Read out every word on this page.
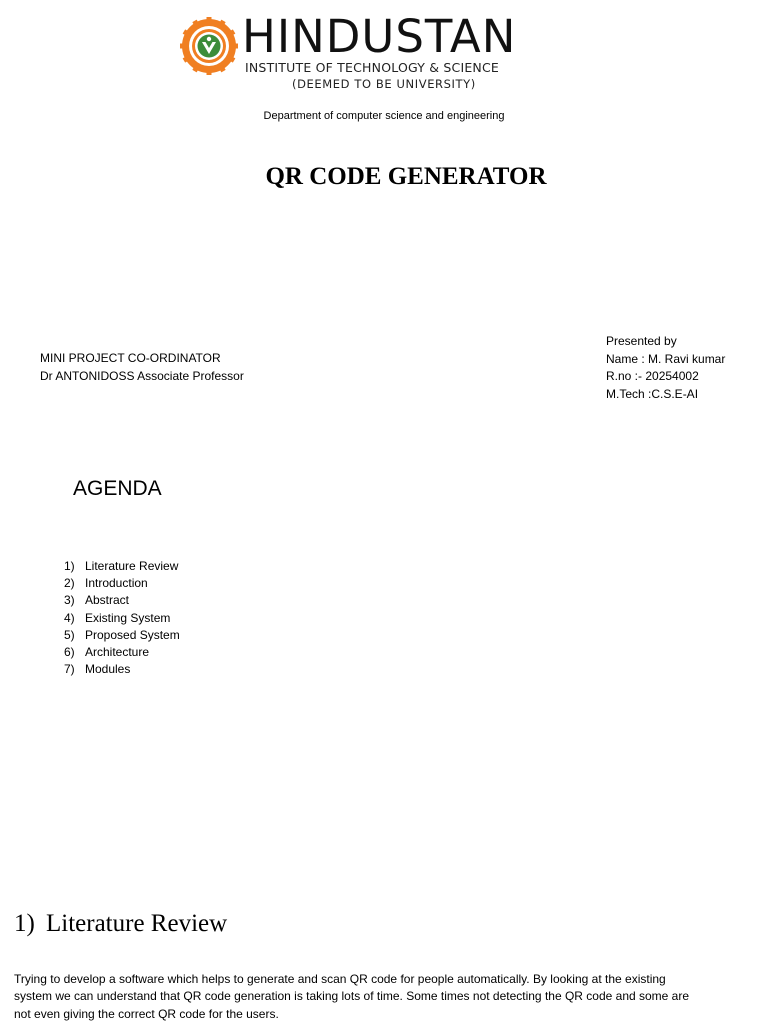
HINDUSTAN
INSTITUTE OF TECHNOLOGY & SCIENCE
(DEEMED TO BE UNIVERSITY)
Department of computer science and engineering
QR CODE GENERATOR
MINI PROJECT CO-ORDINATOR
Dr ANTONIDOSS Associate Professor
Presented by
Name : M. Ravi kumar
R.no :- 20254002
M.Tech :C.S.E-AI
AGENDA
1) Literature Review
2) Introduction
3) Abstract
4) Existing System
5) Proposed System
6) Architecture
7) Modules
1) Literature Review

Trying to develop a software which helps to generate and scan QR code for people automatically. By looking at the existing
system we can understand that QR code generation is taking lots of time. Some times not detecting the QR code and some are
not even giving the correct QR code for the users.
